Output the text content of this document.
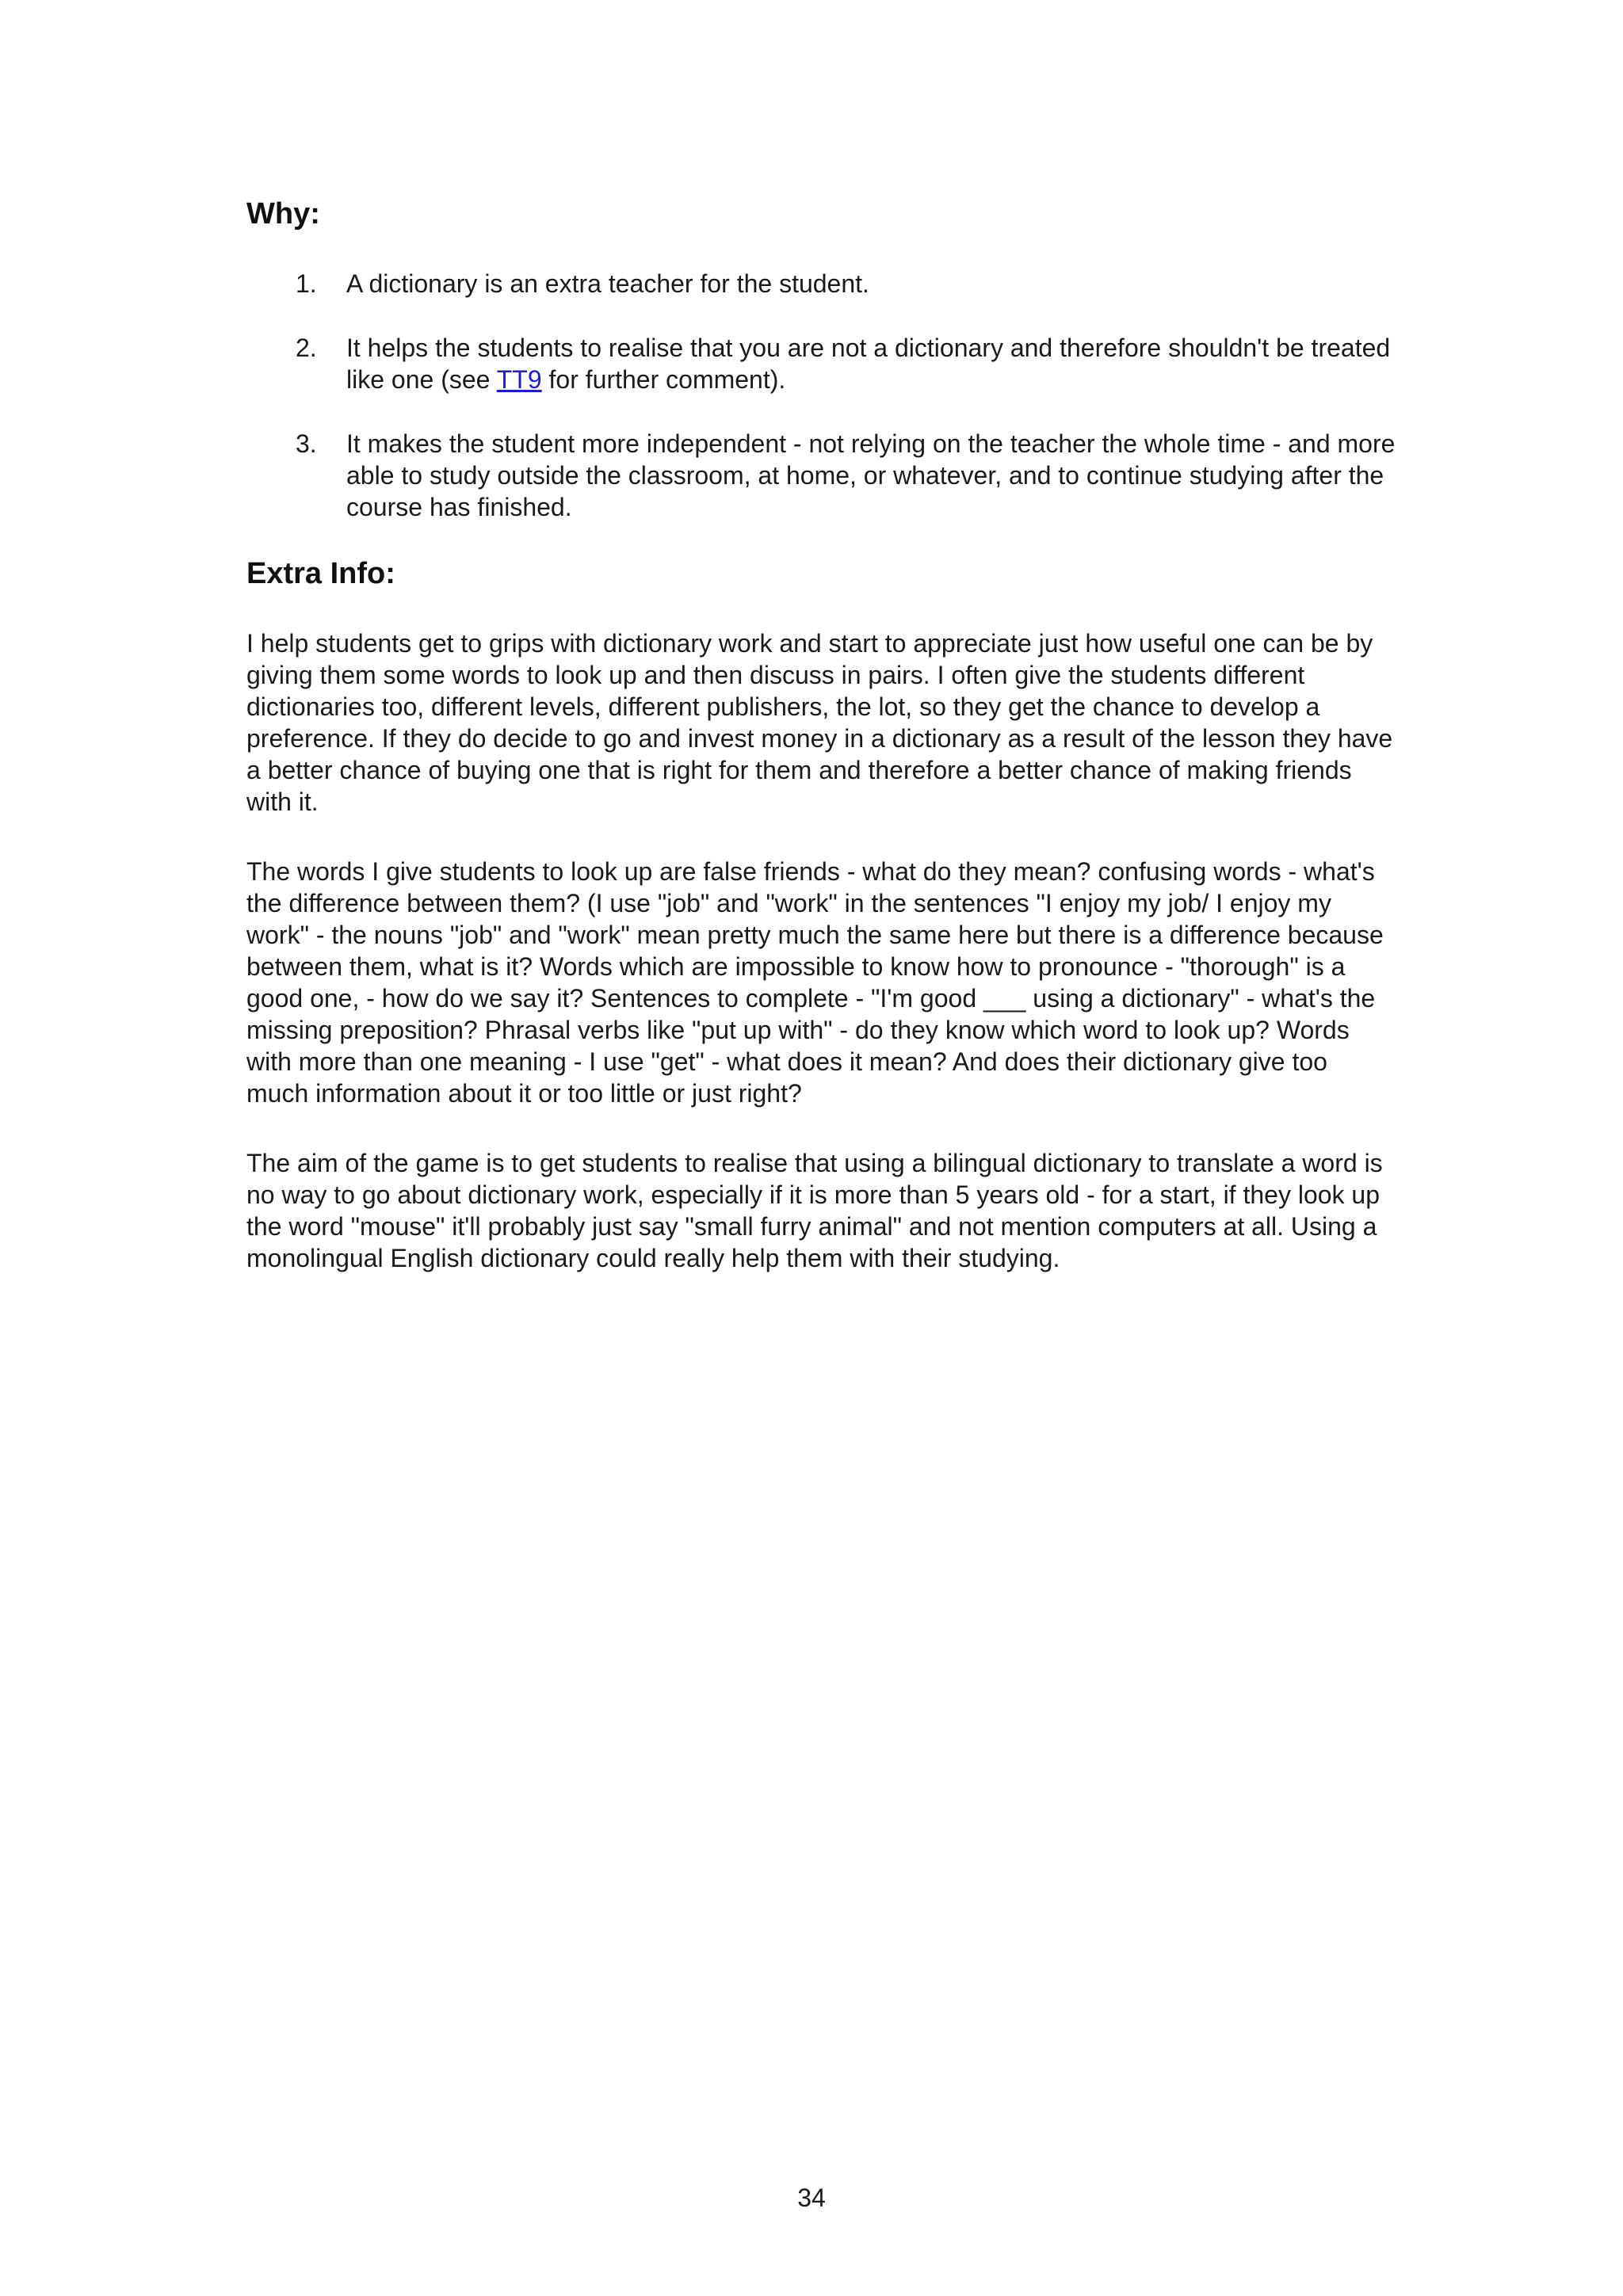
Why:
1. A dictionary is an extra teacher for the student.
2. It helps the students to realise that you are not a dictionary and therefore shouldn't be treated like one (see TT9 for further comment).
3. It makes the student more independent - not relying on the teacher the whole time - and more able to study outside the classroom, at home, or whatever, and to continue studying after the course has finished.
Extra Info:

I help students get to grips with dictionary work and start to appreciate just how useful one can be by giving them some words to look up and then discuss in pairs. I often give the students different dictionaries too, different levels, different publishers, the lot, so they get the chance to develop a preference. If they do decide to go and invest money in a dictionary as a result of the lesson they have a better chance of buying one that is right for them and therefore a better chance of making friends with it.

The words I give students to look up are false friends - what do they mean? confusing words - what's the difference between them? (I use "job" and "work" in the sentences "I enjoy my job/ I enjoy my work" - the nouns "job" and "work" mean pretty much the same here but there is a difference because between them, what is it? Words which are impossible to know how to pronounce - "thorough" is a good one, - how do we say it? Sentences to complete - "I'm good ___ using a dictionary" - what's the missing preposition? Phrasal verbs like "put up with" - do they know which word to look up? Words with more than one meaning - I use "get" - what does it mean? And does their dictionary give too much information about it or too little or just right?

The aim of the game is to get students to realise that using a bilingual dictionary to translate a word is no way to go about dictionary work, especially if it is more than 5 years old - for a start, if they look up the word "mouse" it'll probably just say "small furry animal" and not mention computers at all. Using a monolingual English dictionary could really help them with their studying.

34
